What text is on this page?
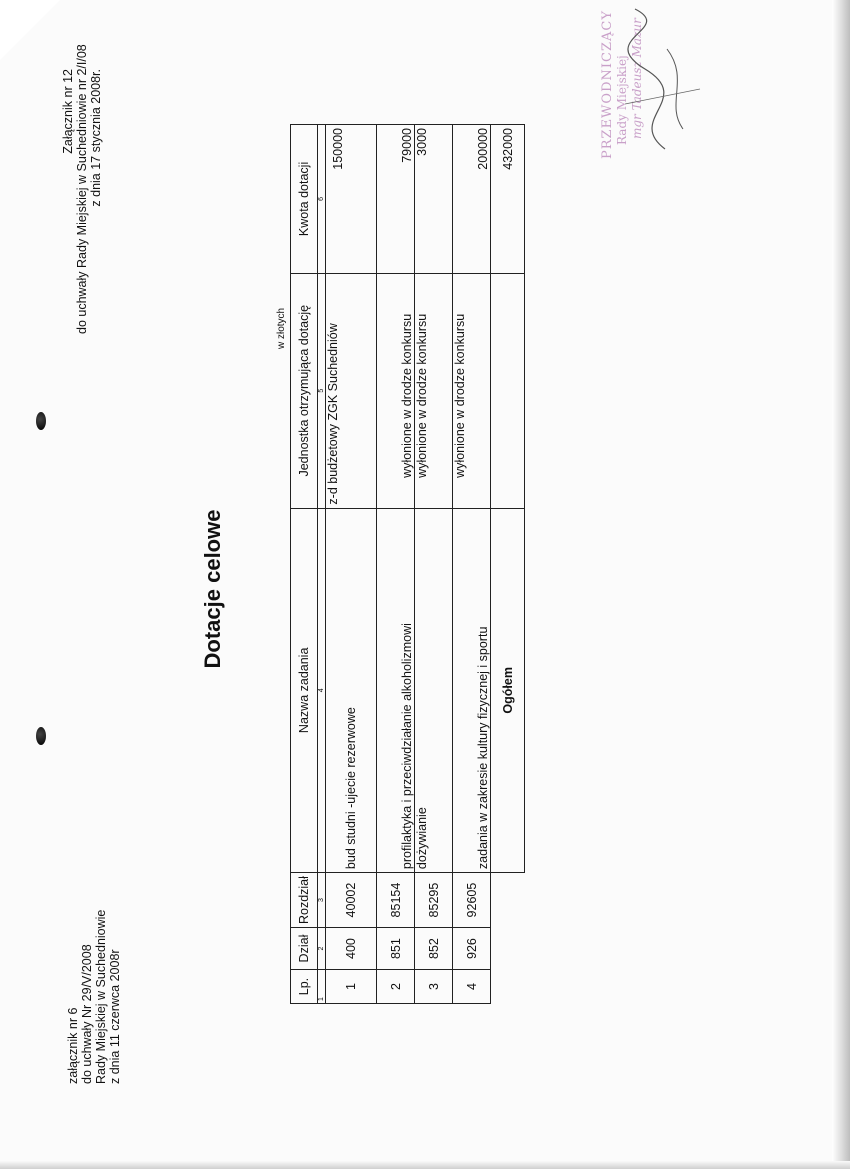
załącznik nr 6 do uchwały Nr 29/V/2008 Rady Miejskiej w Suchedniowie z dnia 11 czerwca 2008r
Załącznik nr 12 do uchwały Rady Miejskiej w Suchedniowie nr 2/I/08 z dnia 17 stycznia 2008r.
Dotacje celowe
w złotych
Lp.	Dział	Rozdział	Nazwa zadania	Jednostka otrzymująca dotację	Kwota dotacji
1	2	3	4	5	6
1	400	40002	bud studni -ujecie rezerwowe	z-d budżetowy ZGK Suchedniów	150000
2	851	85154	profilaktyka i przeciwdziałanie alkoholizmowi	wyłonione w drodze konkursu	79000
3	852	85295	dożywianie	wyłonione w drodze konkursu	3000
4	926	92605	zadania w zakresie kultury fizycznej i sportu	wyłonione w drodze konkursu	200000
			Ogółem		432000	PRZEWODNICZĄCY Rady Miejskiej mgr Tadeusz Mazur
